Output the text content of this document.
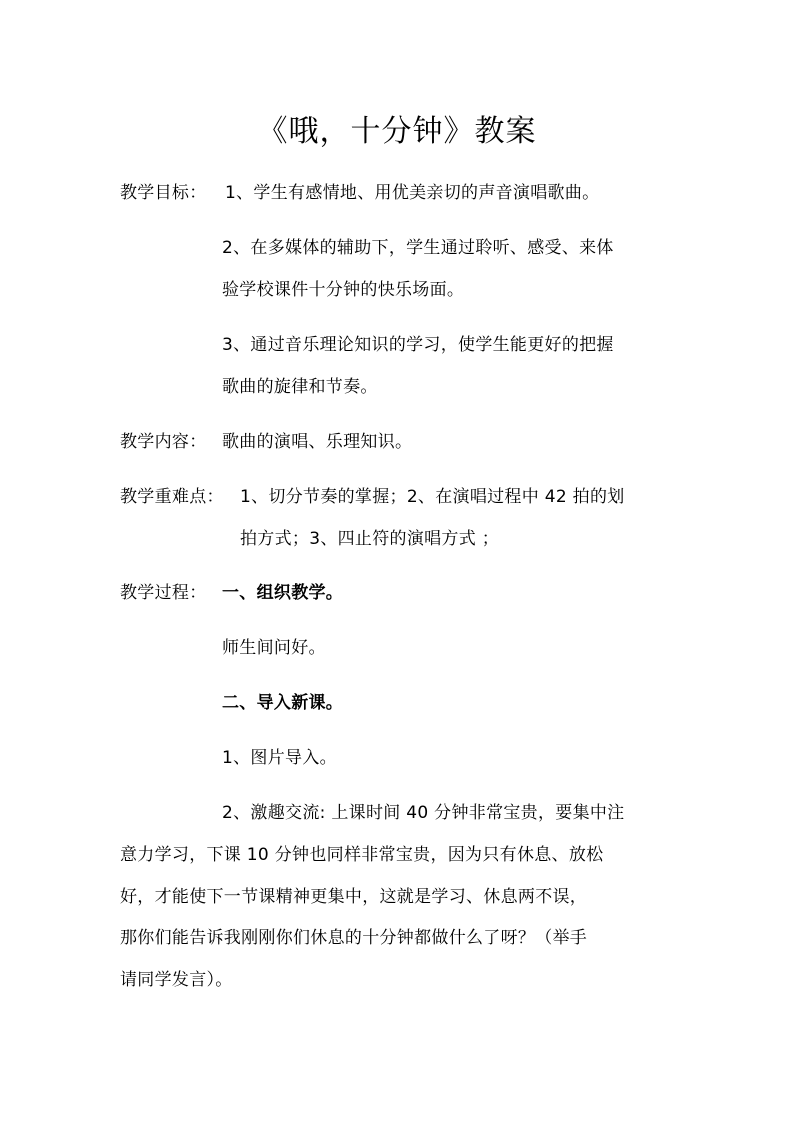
《哦，十分钟》教案
教学目标： 1、学生有感情地、用优美亲切的声音演唱歌曲。
2、在多媒体的辅助下，学生通过聆听、感受、来体
验学校课件十分钟的快乐场面。
3、通过音乐理论知识的学习，使学生能更好的把握
歌曲的旋律和节奏。
教学内容： 歌曲的演唱、乐理知识。
教学重难点： 1、切分节奏的掌握；2、在演唱过程中 42 拍的划
拍方式；3、四止符的演唱方式 ；
教学过程： 一、组织教学。
师生间问好。
二、导入新课。
1、图片导入。
2、激趣交流: 上课时间 40 分钟非常宝贵，要集中注
意力学习，下课 10 分钟也同样非常宝贵，因为只有休息、放松
好，才能使下一节课精神更集中，这就是学习、休息两不误，
那你们能告诉我刚刚你们休息的十分钟都做什么了呀？（举手
请同学发言）。
